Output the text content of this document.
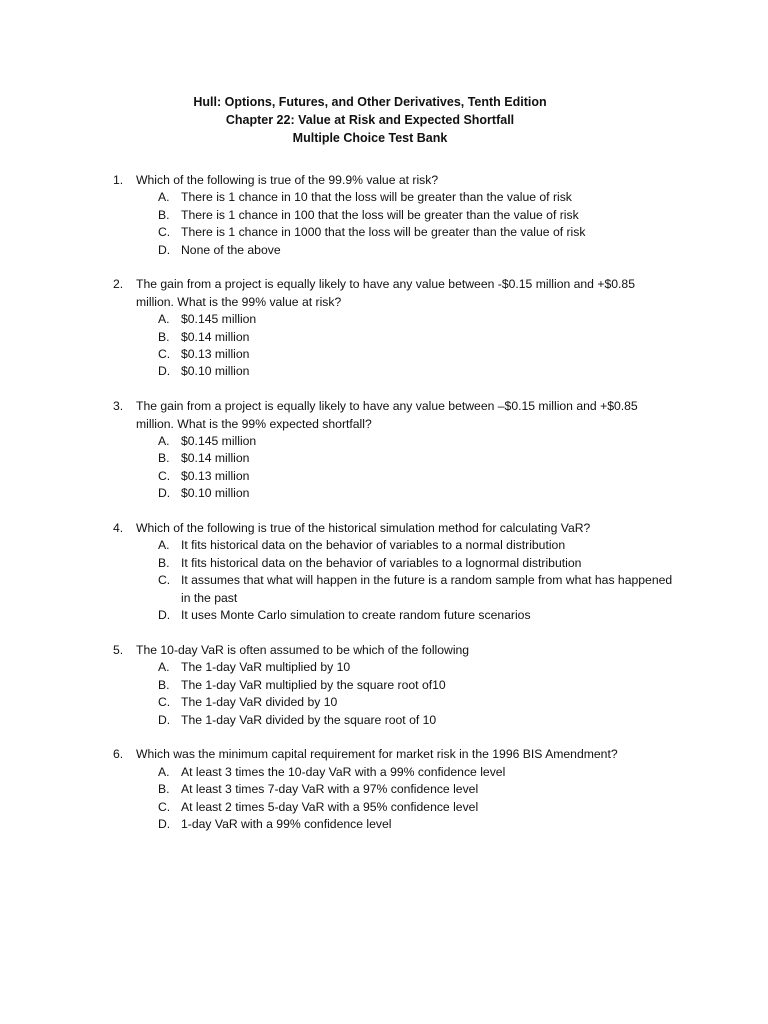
Hull: Options, Futures, and Other Derivatives, Tenth Edition
Chapter 22: Value at Risk and Expected Shortfall
Multiple Choice Test Bank
1. Which of the following is true of the 99.9% value at risk?
A. There is 1 chance in 10 that the loss will be greater than the value of risk
B. There is 1 chance in 100 that the loss will be greater than the value of risk
C. There is 1 chance in 1000 that the loss will be greater than the value of risk
D. None of the above
2. The gain from a project is equally likely to have any value between -$0.15 million and +$0.85 million. What is the 99% value at risk?
A. $0.145 million
B. $0.14 million
C. $0.13 million
D. $0.10 million
3. The gain from a project is equally likely to have any value between –$0.15 million and +$0.85 million. What is the 99% expected shortfall?
A. $0.145 million
B. $0.14 million
C. $0.13 million
D. $0.10 million
4. Which of the following is true of the historical simulation method for calculating VaR?
A. It fits historical data on the behavior of variables to a normal distribution
B. It fits historical data on the behavior of variables to a lognormal distribution
C. It assumes that what will happen in the future is a random sample from what has happened in the past
D. It uses Monte Carlo simulation to create random future scenarios
5. The 10-day VaR is often assumed to be which of the following
A. The 1-day VaR multiplied by 10
B. The 1-day VaR multiplied by the square root of10
C. The 1-day VaR divided by 10
D. The 1-day VaR divided by the square root of 10
6. Which was the minimum capital requirement for market risk in the 1996 BIS Amendment?
A. At least 3 times the 10-day VaR with a 99% confidence level
B. At least 3 times 7-day VaR with a 97% confidence level
C. At least 2 times 5-day VaR with a 95% confidence level
D. 1-day VaR with a 99% confidence level
